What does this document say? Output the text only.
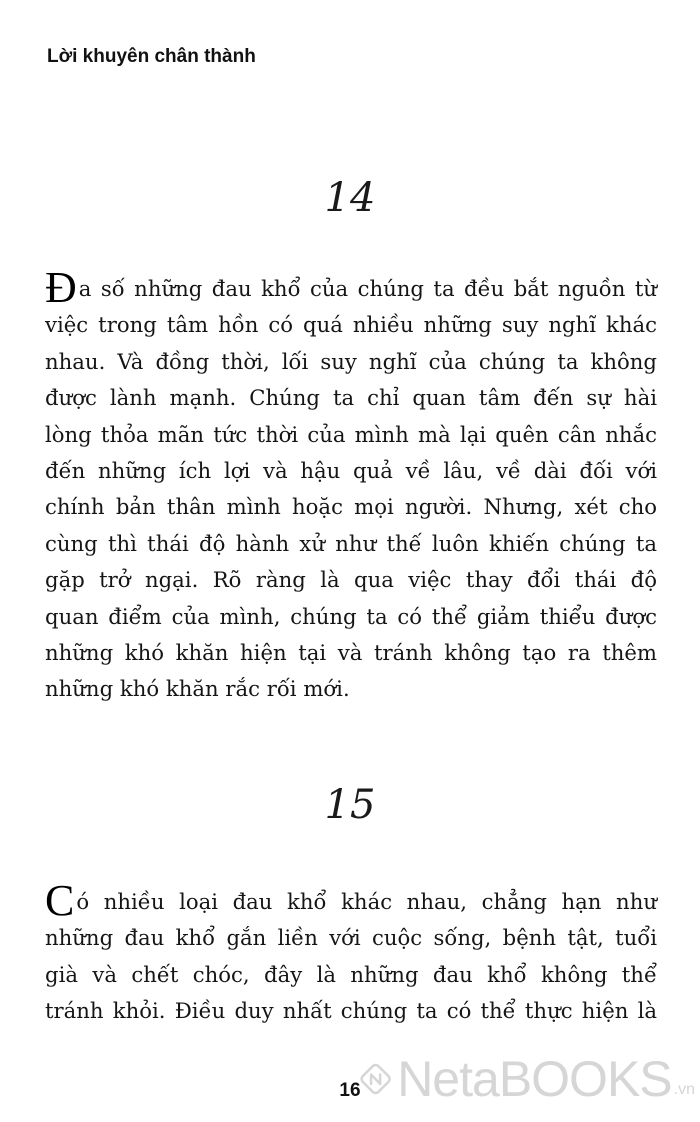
Lời khuyên chân thành
14
Đa số những đau khổ của chúng ta đều bắt nguồn từ
việc trong tâm hồn có quá nhiều những suy nghĩ khác
nhau. Và đồng thời, lối suy nghĩ của chúng ta không
được lành mạnh. Chúng ta chỉ quan tâm đến sự hài
lòng thỏa mãn tức thời của mình mà lại quên cân nhắc
đến những ích lợi và hậu quả về lâu, về dài đối với
chính bản thân mình hoặc mọi người. Nhưng, xét cho
cùng thì thái độ hành xử như thế luôn khiến chúng ta
gặp trở ngại. Rõ ràng là qua việc thay đổi thái độ
quan điểm của mình, chúng ta có thể giảm thiểu được
những khó khăn hiện tại và tránh không tạo ra thêm
những khó khăn rắc rối mới.
15
Có nhiều loại đau khổ khác nhau, chẳng hạn như
những đau khổ gắn liền với cuộc sống, bệnh tật, tuổi
già và chết chóc, đây là những đau khổ không thể
tránh khỏi. Điều duy nhất chúng ta có thể thực hiện là
16 NetaBOOKS .vn
